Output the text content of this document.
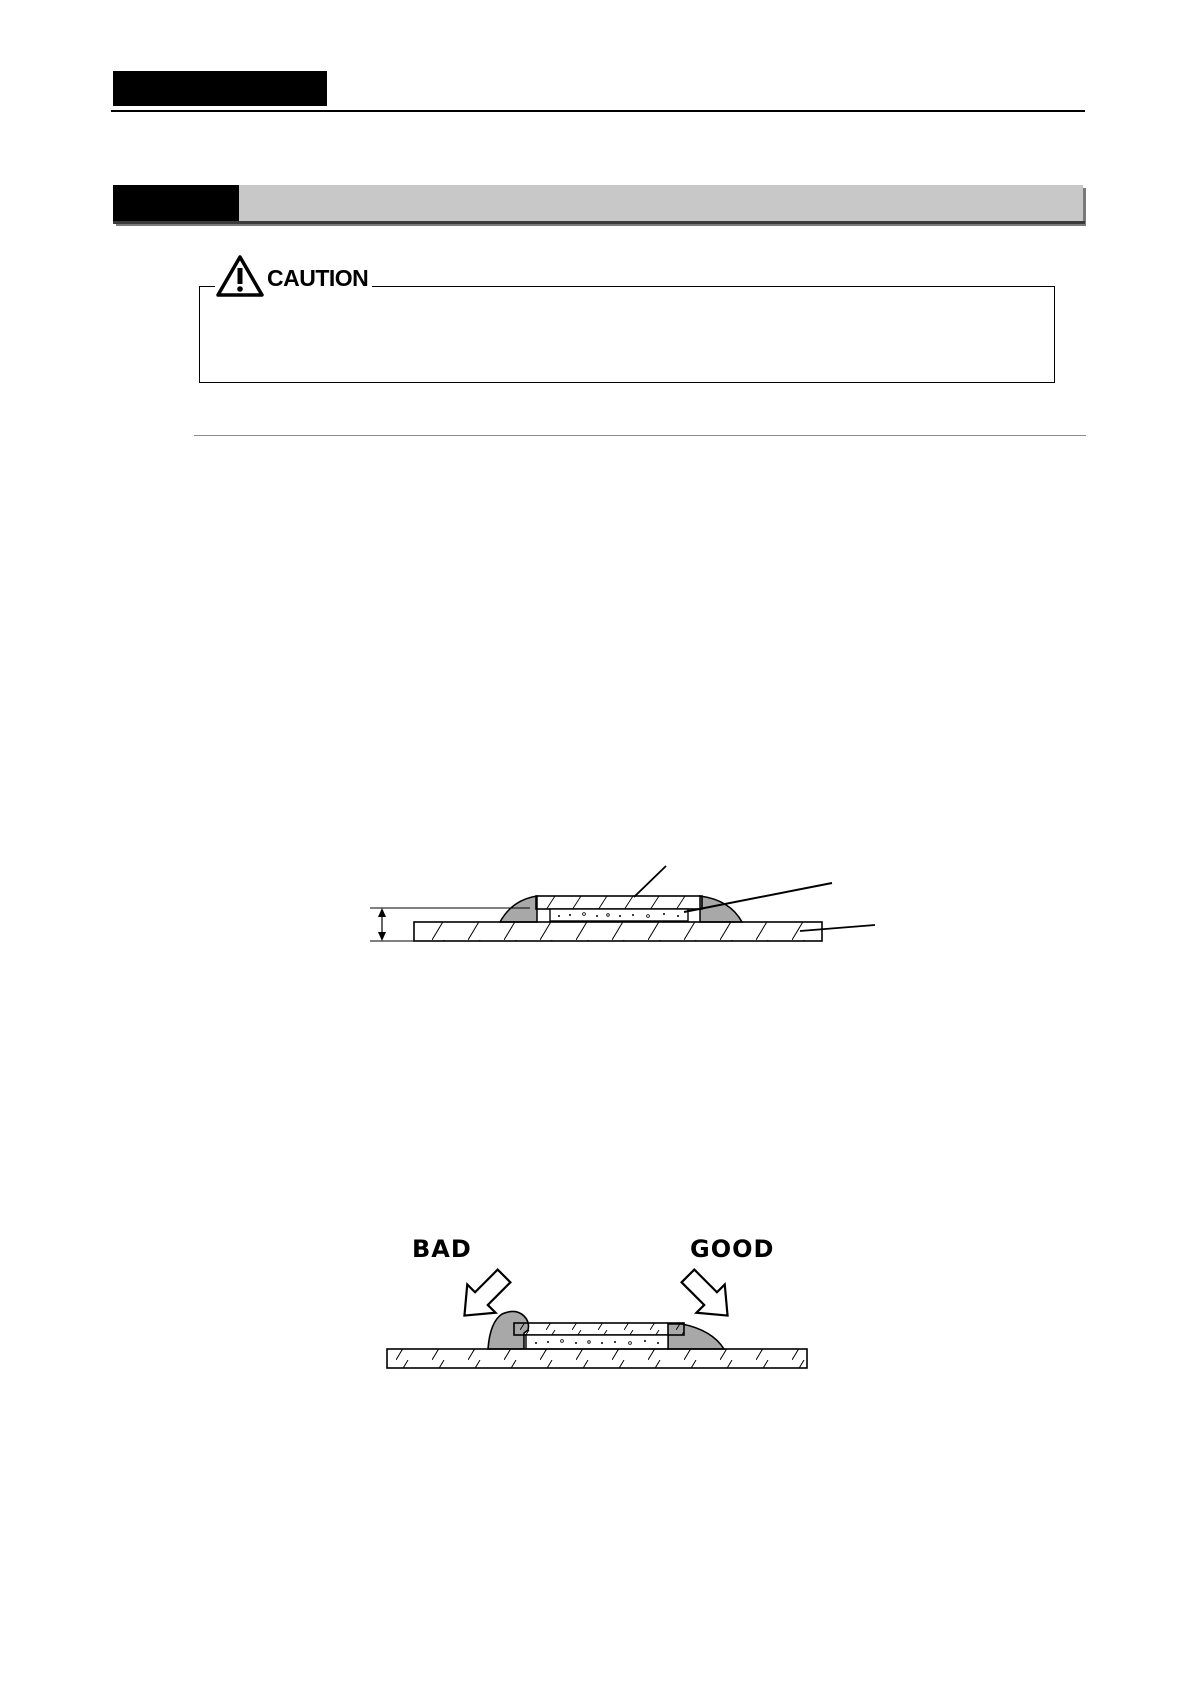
CAUTION
BAD	GOOD
